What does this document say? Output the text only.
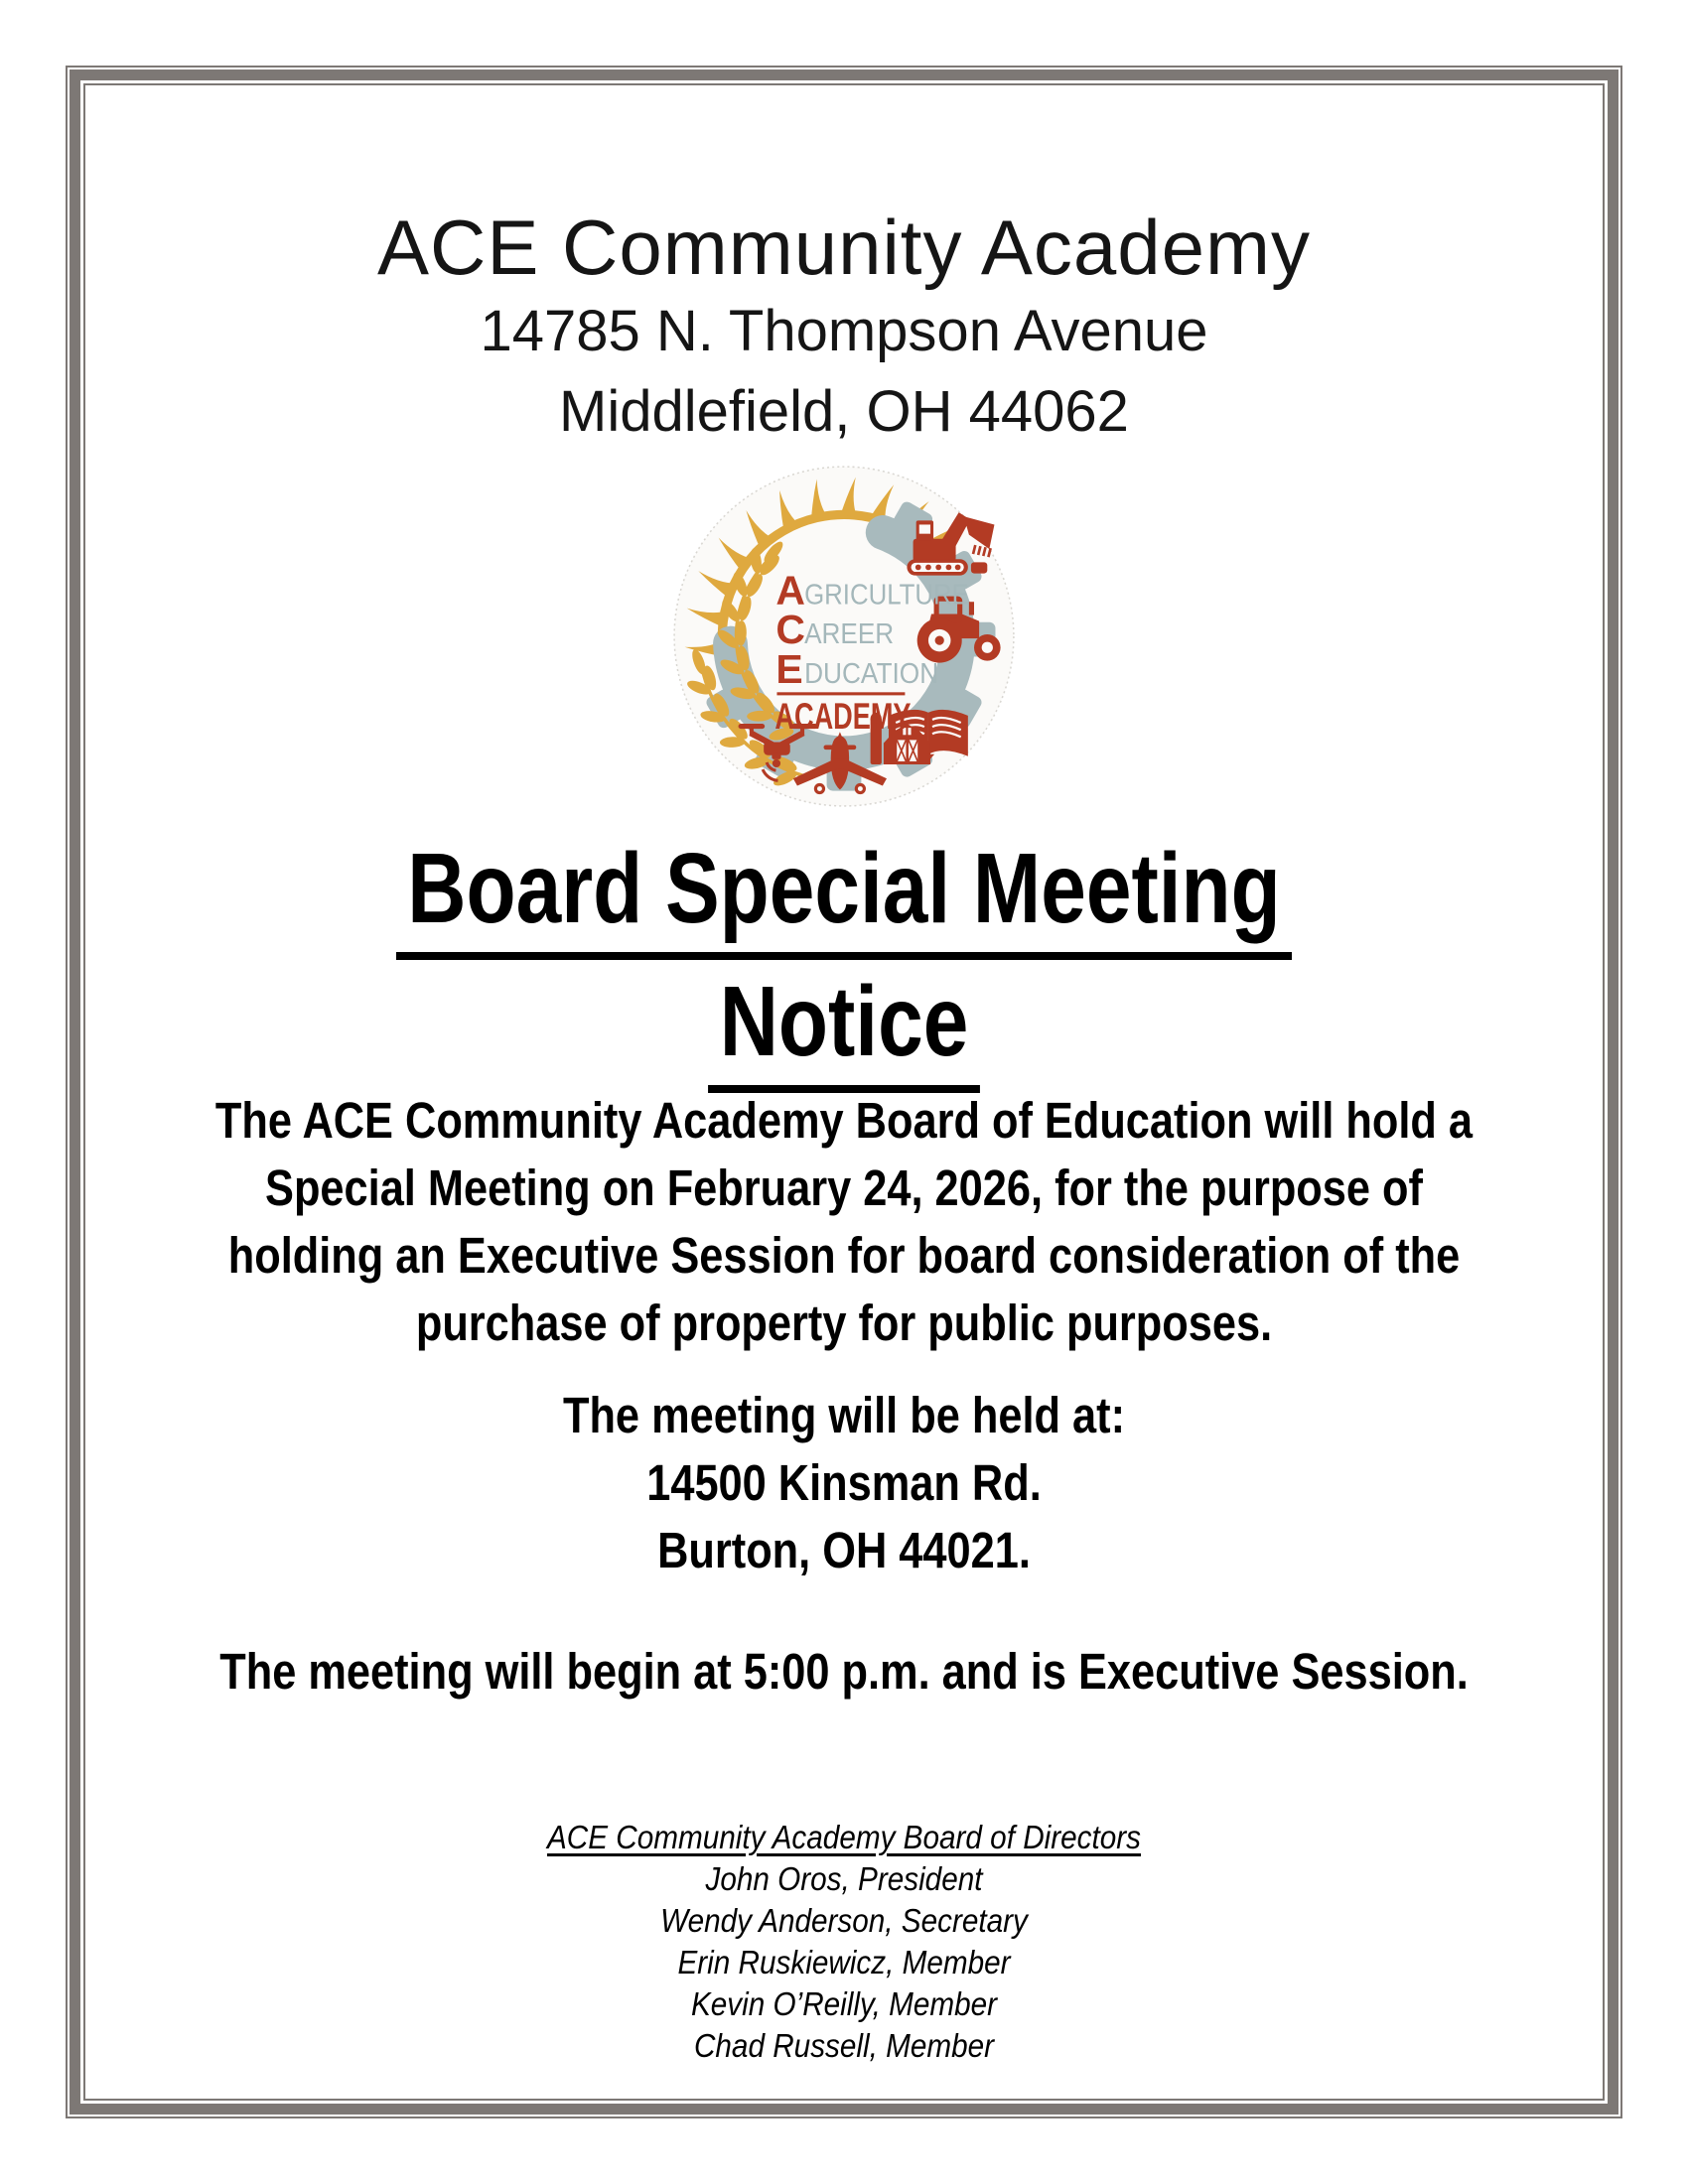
ACE Community Academy
14785 N. Thompson Avenue
Middlefield, OH 44062
A GRICULTURE
C AREER
E DUCATION
ACADEMY
Board Special Meeting
Notice
The ACE Community Academy Board of Education will hold a
Special Meeting on February 24, 2026, for the purpose of
holding an Executive Session for board consideration of the
purchase of property for public purposes.
The meeting will be held at:
14500 Kinsman Rd.
Burton, OH 44021.
The meeting will begin at 5:00 p.m. and is Executive Session.
ACE Community Academy Board of Directors
John Oros, President
Wendy Anderson, Secretary
Erin Ruskiewicz, Member
Kevin O’Reilly, Member
Chad Russell, Member
